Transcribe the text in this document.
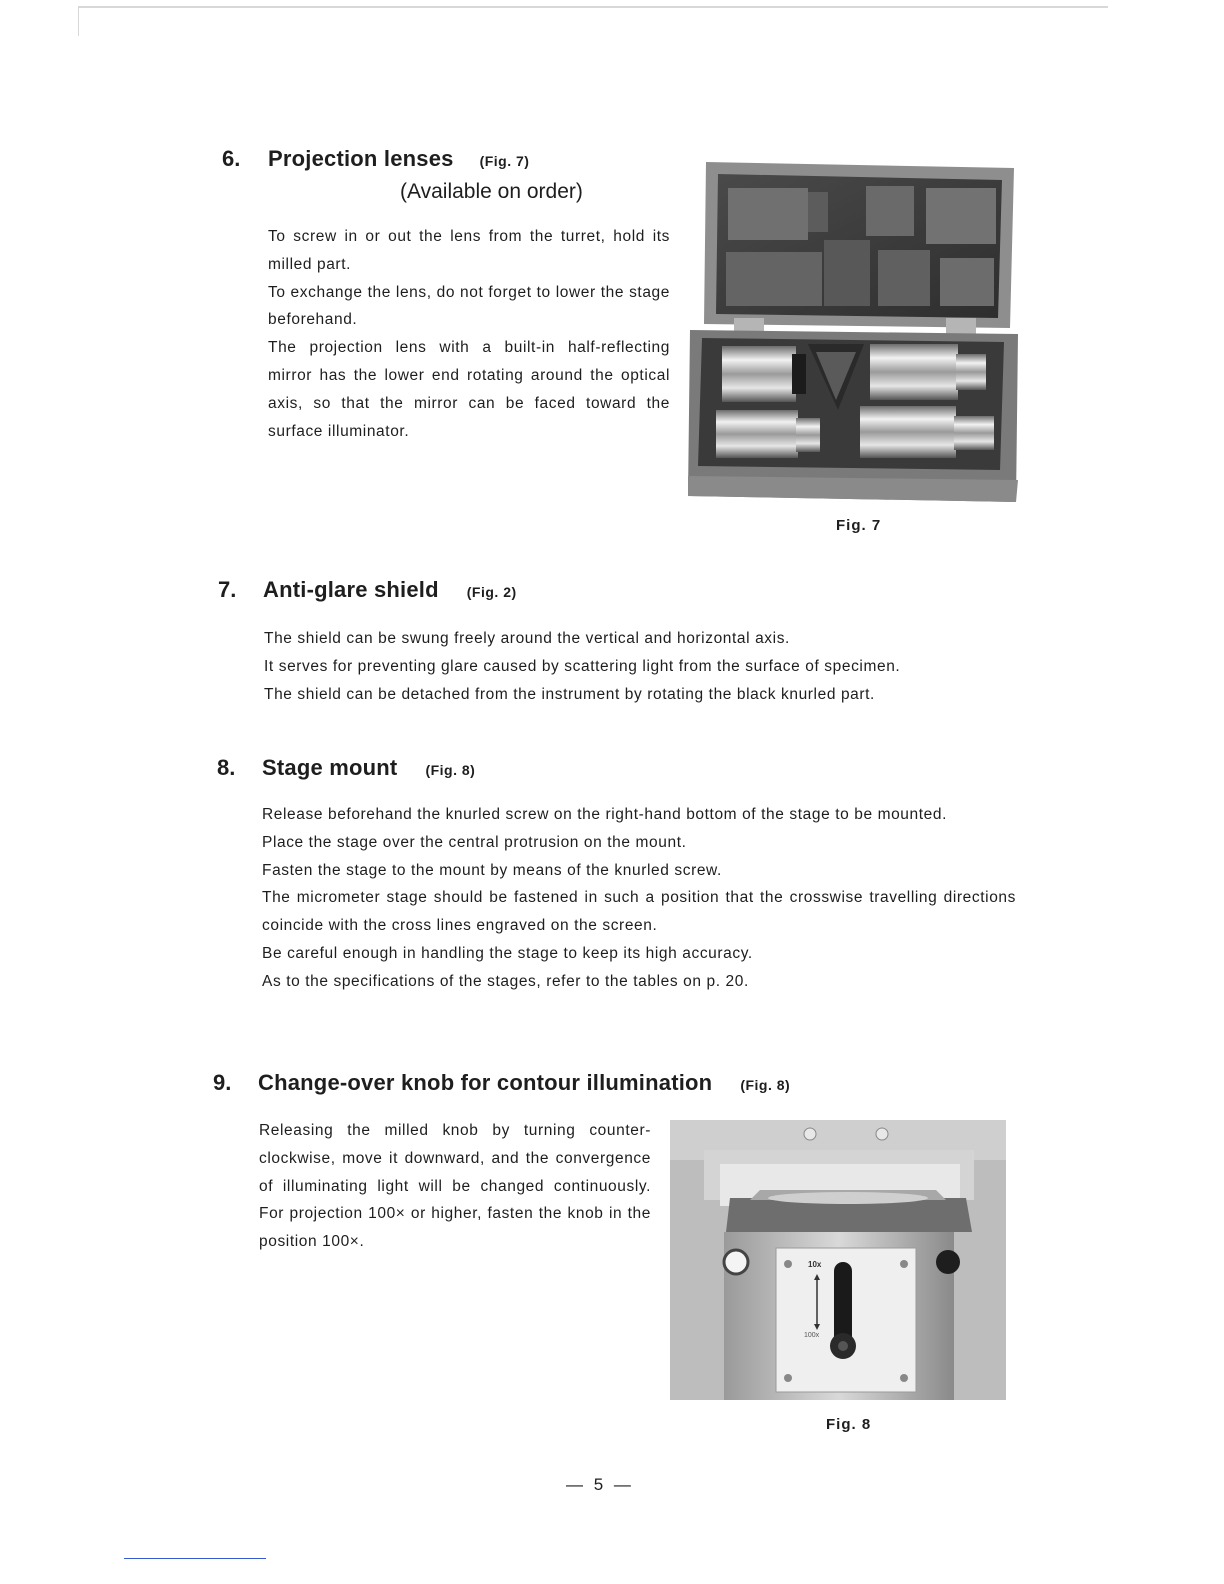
6. Projection lenses (Fig. 7)
(Available on order)

To screw in or out the lens from the turret, hold its milled part.

To exchange the lens, do not forget to lower the stage beforehand.

The projection lens with a built-in half-reflecting mirror has the lower end rotating around the optical axis, so that the mirror can be faced toward the surface illuminator.

Fig. 7
7. Anti-glare shield (Fig. 2)

The shield can be swung freely around the vertical and horizontal axis.

It serves for preventing glare caused by scattering light from the surface of specimen.

The shield can be detached from the instrument by rotating the black knurled part.

8. Stage mount (Fig. 8)

Release beforehand the knurled screw on the right-hand bottom of the stage to be mounted.

Place the stage over the central protrusion on the mount.

Fasten the stage to the mount by means of the knurled screw.

The micrometer stage should be fastened in such a position that the crosswise travelling directions coincide with the cross lines engraved on the screen.

Be careful enough in handling the stage to keep its high accuracy.

As to the specifications of the stages, refer to the tables on p. 20.

9. Change-over knob for contour illumination (Fig. 8)

Releasing the milled knob by turning counter-clockwise, move it downward, and the convergence of illuminating light will be changed continuously. For projection 100× or higher, fasten the knob in the position 100×.

10x
100x
Fig. 8
— 5 —
